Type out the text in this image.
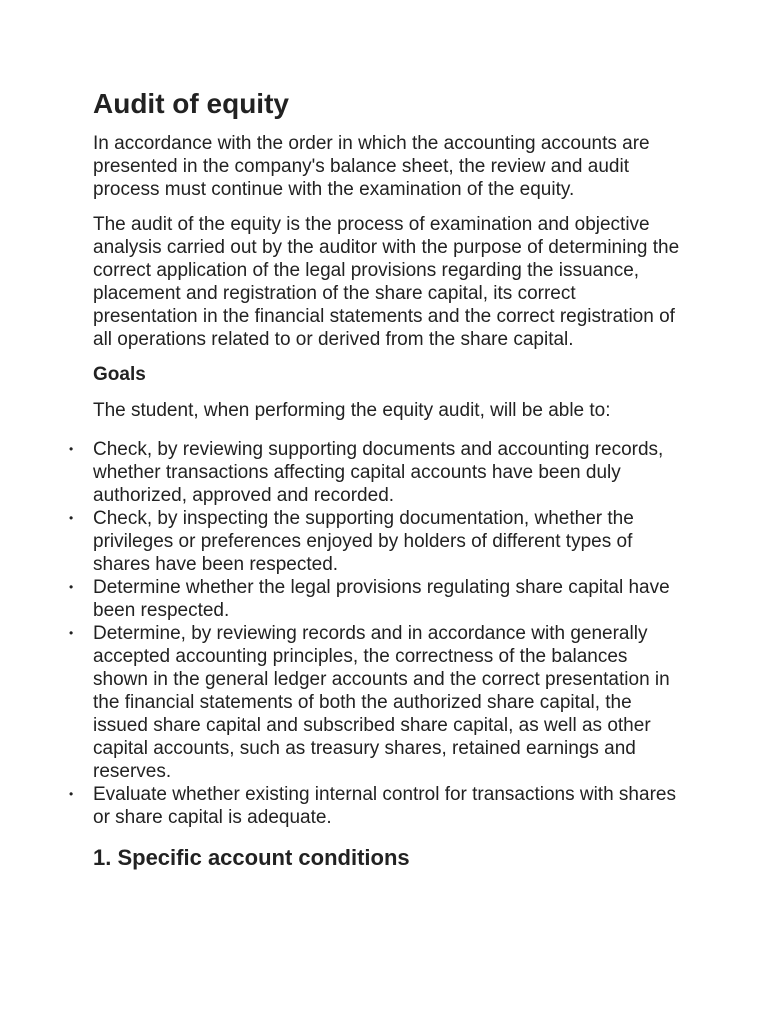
Audit of equity

In accordance with the order in which the accounting accounts are presented in the company's balance sheet, the review and audit process must continue with the examination of the equity.

The audit of the equity is the process of examination and objective analysis carried out by the auditor with the purpose of determining the correct application of the legal provisions regarding the issuance, placement and registration of the share capital, its correct presentation in the financial statements and the correct registration of all operations related to or derived from the share capital.

Goals

The student, when performing the equity audit, will be able to:

• Check, by reviewing supporting documents and accounting records, whether transactions affecting capital accounts have been duly authorized, approved and recorded.
• Check, by inspecting the supporting documentation, whether the privileges or preferences enjoyed by holders of different types of shares have been respected.
• Determine whether the legal provisions regulating share capital have been respected.
• Determine, by reviewing records and in accordance with generally accepted accounting principles, the correctness of the balances shown in the general ledger accounts and the correct presentation in the financial statements of both the authorized share capital, the issued share capital and subscribed share capital, as well as other capital accounts, such as treasury shares, retained earnings and reserves.
• Evaluate whether existing internal control for transactions with shares or share capital is adequate.
1. Specific account conditions
